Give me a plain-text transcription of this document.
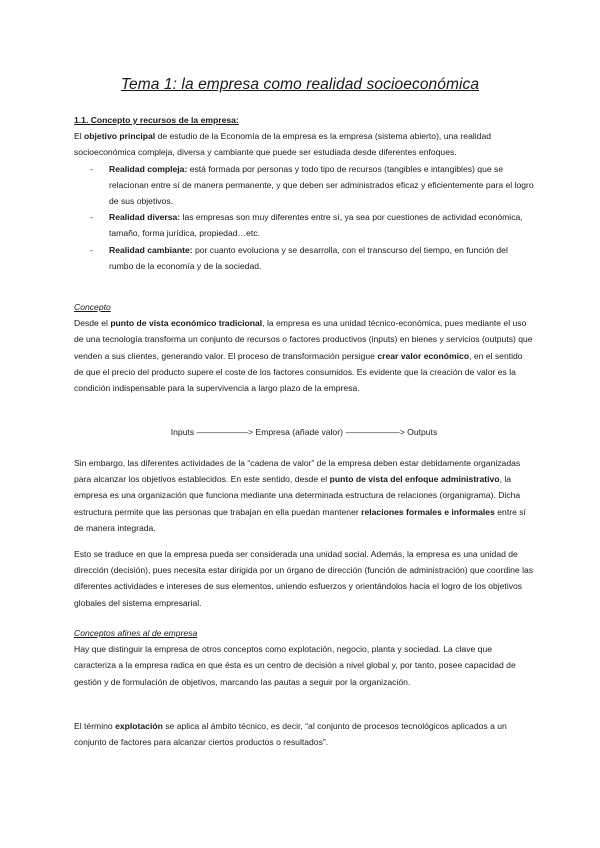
Tema 1: la empresa como realidad socioeconómica
1.1. Concepto y recursos de la empresa:
El objetivo principal de estudio de la Economía de la empresa es la empresa (sistema abierto), una realidad socioeconómica compleja, diversa y cambiante que puede ser estudiada desde diferentes enfoques.
- Realidad compleja: está formada por personas y todo tipo de recursos (tangibles e intangibles) que se relacionan entre sí de manera permanente, y que deben ser administrados eficaz y eficientemente para el logro de sus objetivos.
- Realidad diversa: las empresas son muy diferentes entre sí, ya sea por cuestiones de actividad económica, tamaño, forma jurídica, propiedad…etc.
- Realidad cambiante: por cuanto evoluciona y se desarrolla, con el transcurso del tiempo, en función del rumbo de la economía y de la sociedad.
Concepto
Desde el punto de vista económico tradicional, la empresa es una unidad técnico-económica, pues mediante el uso de una tecnología transforma un conjunto de recursos o factores productivos (inputs) en bienes y servicios (outputs) que venden a sus clientes, generando valor. El proceso de transformación persigue crear valor económico, en el sentido de que el precio del producto supere el coste de los factores consumidos. Es evidente que la creación de valor es la condición indispensable para la supervivencia a largo plazo de la empresa.
Inputs ——————> Empresa (añade valor) -——————> Outputs
Sin embargo, las diferentes actividades de la “cadena de valor” de la empresa deben estar debidamente organizadas para alcanzar los objetivos establecidos. En este sentido, desde el punto de vista del enfoque administrativo, la empresa es una organización que funciona mediante una determinada estructura de relaciones (organigrama). Dicha estructura permite que las personas que trabajan en ella puedan mantener relaciones formales e informales entre sí de manera integrada.
Esto se traduce en que la empresa pueda ser considerada una unidad social. Además, la empresa es una unidad de dirección (decisión), pues necesita estar dirigida por un órgano de dirección (función de administración) que coordine las diferentes actividades e intereses de sus elementos, uniendo esfuerzos y orientándolos hacia el logro de los objetivos globales del sistema empresarial.
Conceptos afines al de empresa
Hay que distinguir la empresa de otros conceptos como explotación, negocio, planta y sociedad. La clave que caracteriza a la empresa radica en que ésta es un centro de decisión a nivel global y, por tanto, posee capacidad de gestión y de formulación de objetivos, marcando las pautas a seguir por la organización.
El término explotación se aplica al ámbito técnico, es decir, “al conjunto de procesos tecnológicos aplicados a un conjunto de factores para alcanzar ciertos productos o resultados”.
